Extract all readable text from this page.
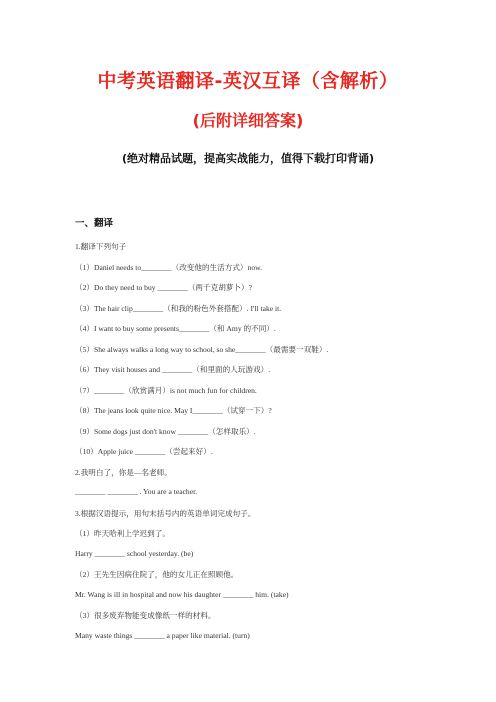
中考英语翻译-英汉互译（含解析）
(后附详细答案)
(绝对精品试题，提高实战能力，值得下载打印背诵)
一、翻译
1.翻译下列句子
（1）Daniel needs to________（改变他的生活方式）now.
（2）Do they need to buy ________（两千克胡萝卜）?
（3）The hair clip________（和我的粉色外套搭配）. I'll take it.
（4）I want to buy some presents________（和 Amy 的不同）.
（5）She always walks a long way to school, so she________（最需要一双鞋）.
（6）They visit houses and ________（和里面的人玩游戏）.
（7）________（欣赏满月）is not much fun for children.
（8）The jeans look quite nice. May I________（试穿一下）?
（9）Some dogs just don't know ________（怎样取乐）.
（10）Apple juice ________（尝起来好）.
2.我明白了，你是—名老师。
________ ________ . You are a teacher.
3.根据汉语提示，用句末括号内的英语单词完成句子。
（1）昨天哈利上学迟到了。
Harry ________ school yesterday. (be)
（2）王先生因病住院了，他的女儿正在照顾他。
Mr. Wang is ill in hospital and now his daughter ________ him. (take)
（3）很多废弃物能变成像纸一样的材料。
Many waste things ________ a paper like material. (turn)
